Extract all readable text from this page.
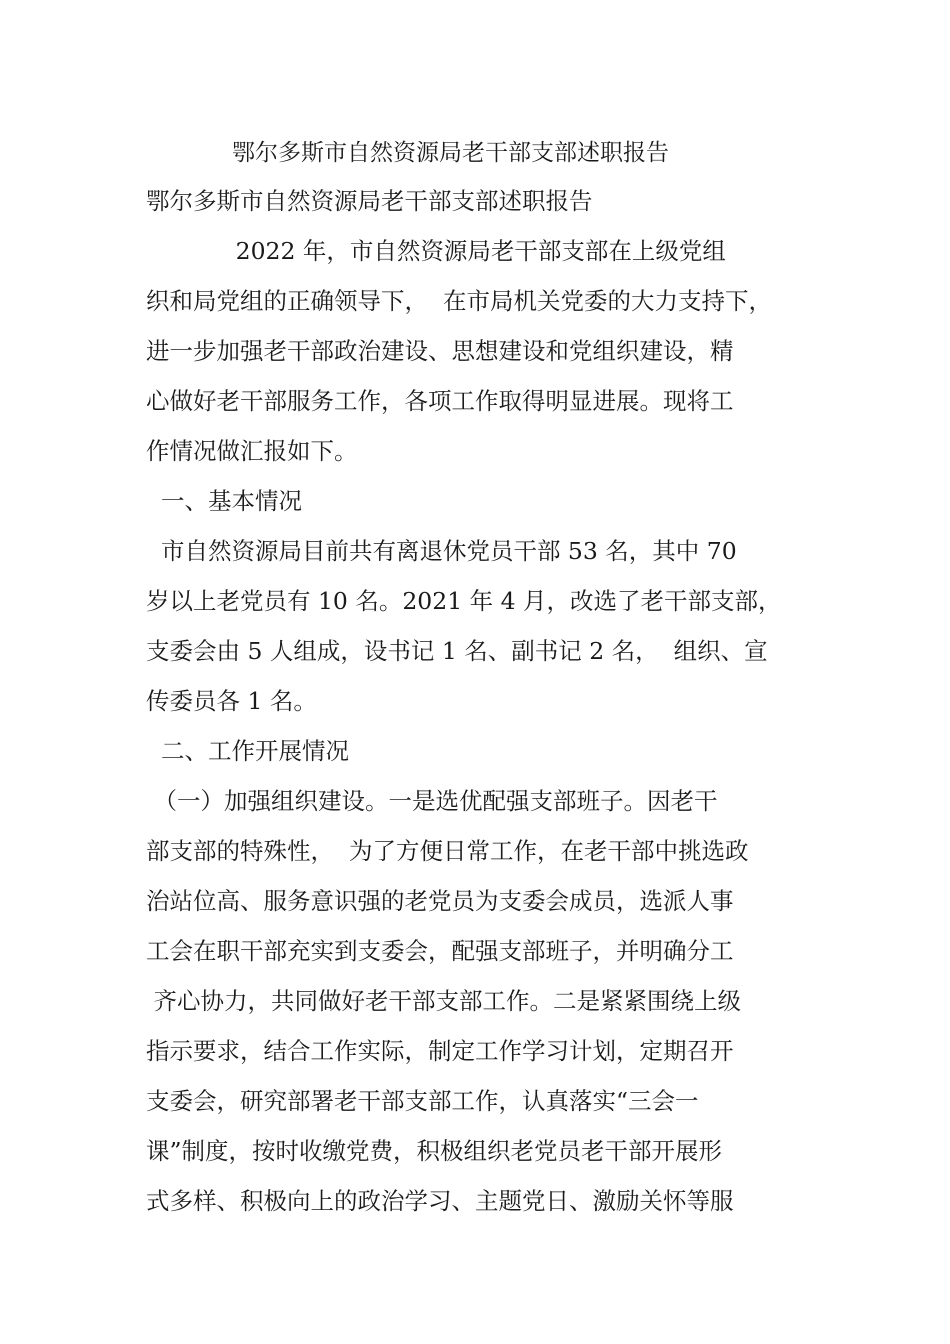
鄂尔多斯市自然资源局老干部支部述职报告
鄂尔多斯市自然资源局老干部支部述职报告
2022 年，市自然资源局老干部支部在上级党组
织和局党组的正确领导下，  在市局机关党委的大力支持下，
进一步加强老干部政治建设、思想建设和党组织建设，精
心做好老干部服务工作，各项工作取得明显进展。现将工
作情况做汇报如下。
一、基本情况
市自然资源局目前共有离退休党员干部 53 名，其中 70
岁以上老党员有 10 名。2021 年 4 月，改选了老干部支部，
支委会由 5 人组成，设书记 1 名、副书记 2 名，  组织、宣
传委员各 1 名。
二、工作开展情况
（一）加强组织建设。一是选优配强支部班子。因老干
部支部的特殊性，  为了方便日常工作，在老干部中挑选政
治站位高、服务意识强的老党员为支委会成员，选派人事
工会在职干部充实到支委会，配强支部班子，并明确分工
齐心协力，共同做好老干部支部工作。二是紧紧围绕上级
指示要求，结合工作实际，制定工作学习计划，定期召开
支委会，研究部署老干部支部工作，认真落实“三会一
课”制度，按时收缴党费，积极组织老党员老干部开展形
式多样、积极向上的政治学习、主题党日、激励关怀等服
